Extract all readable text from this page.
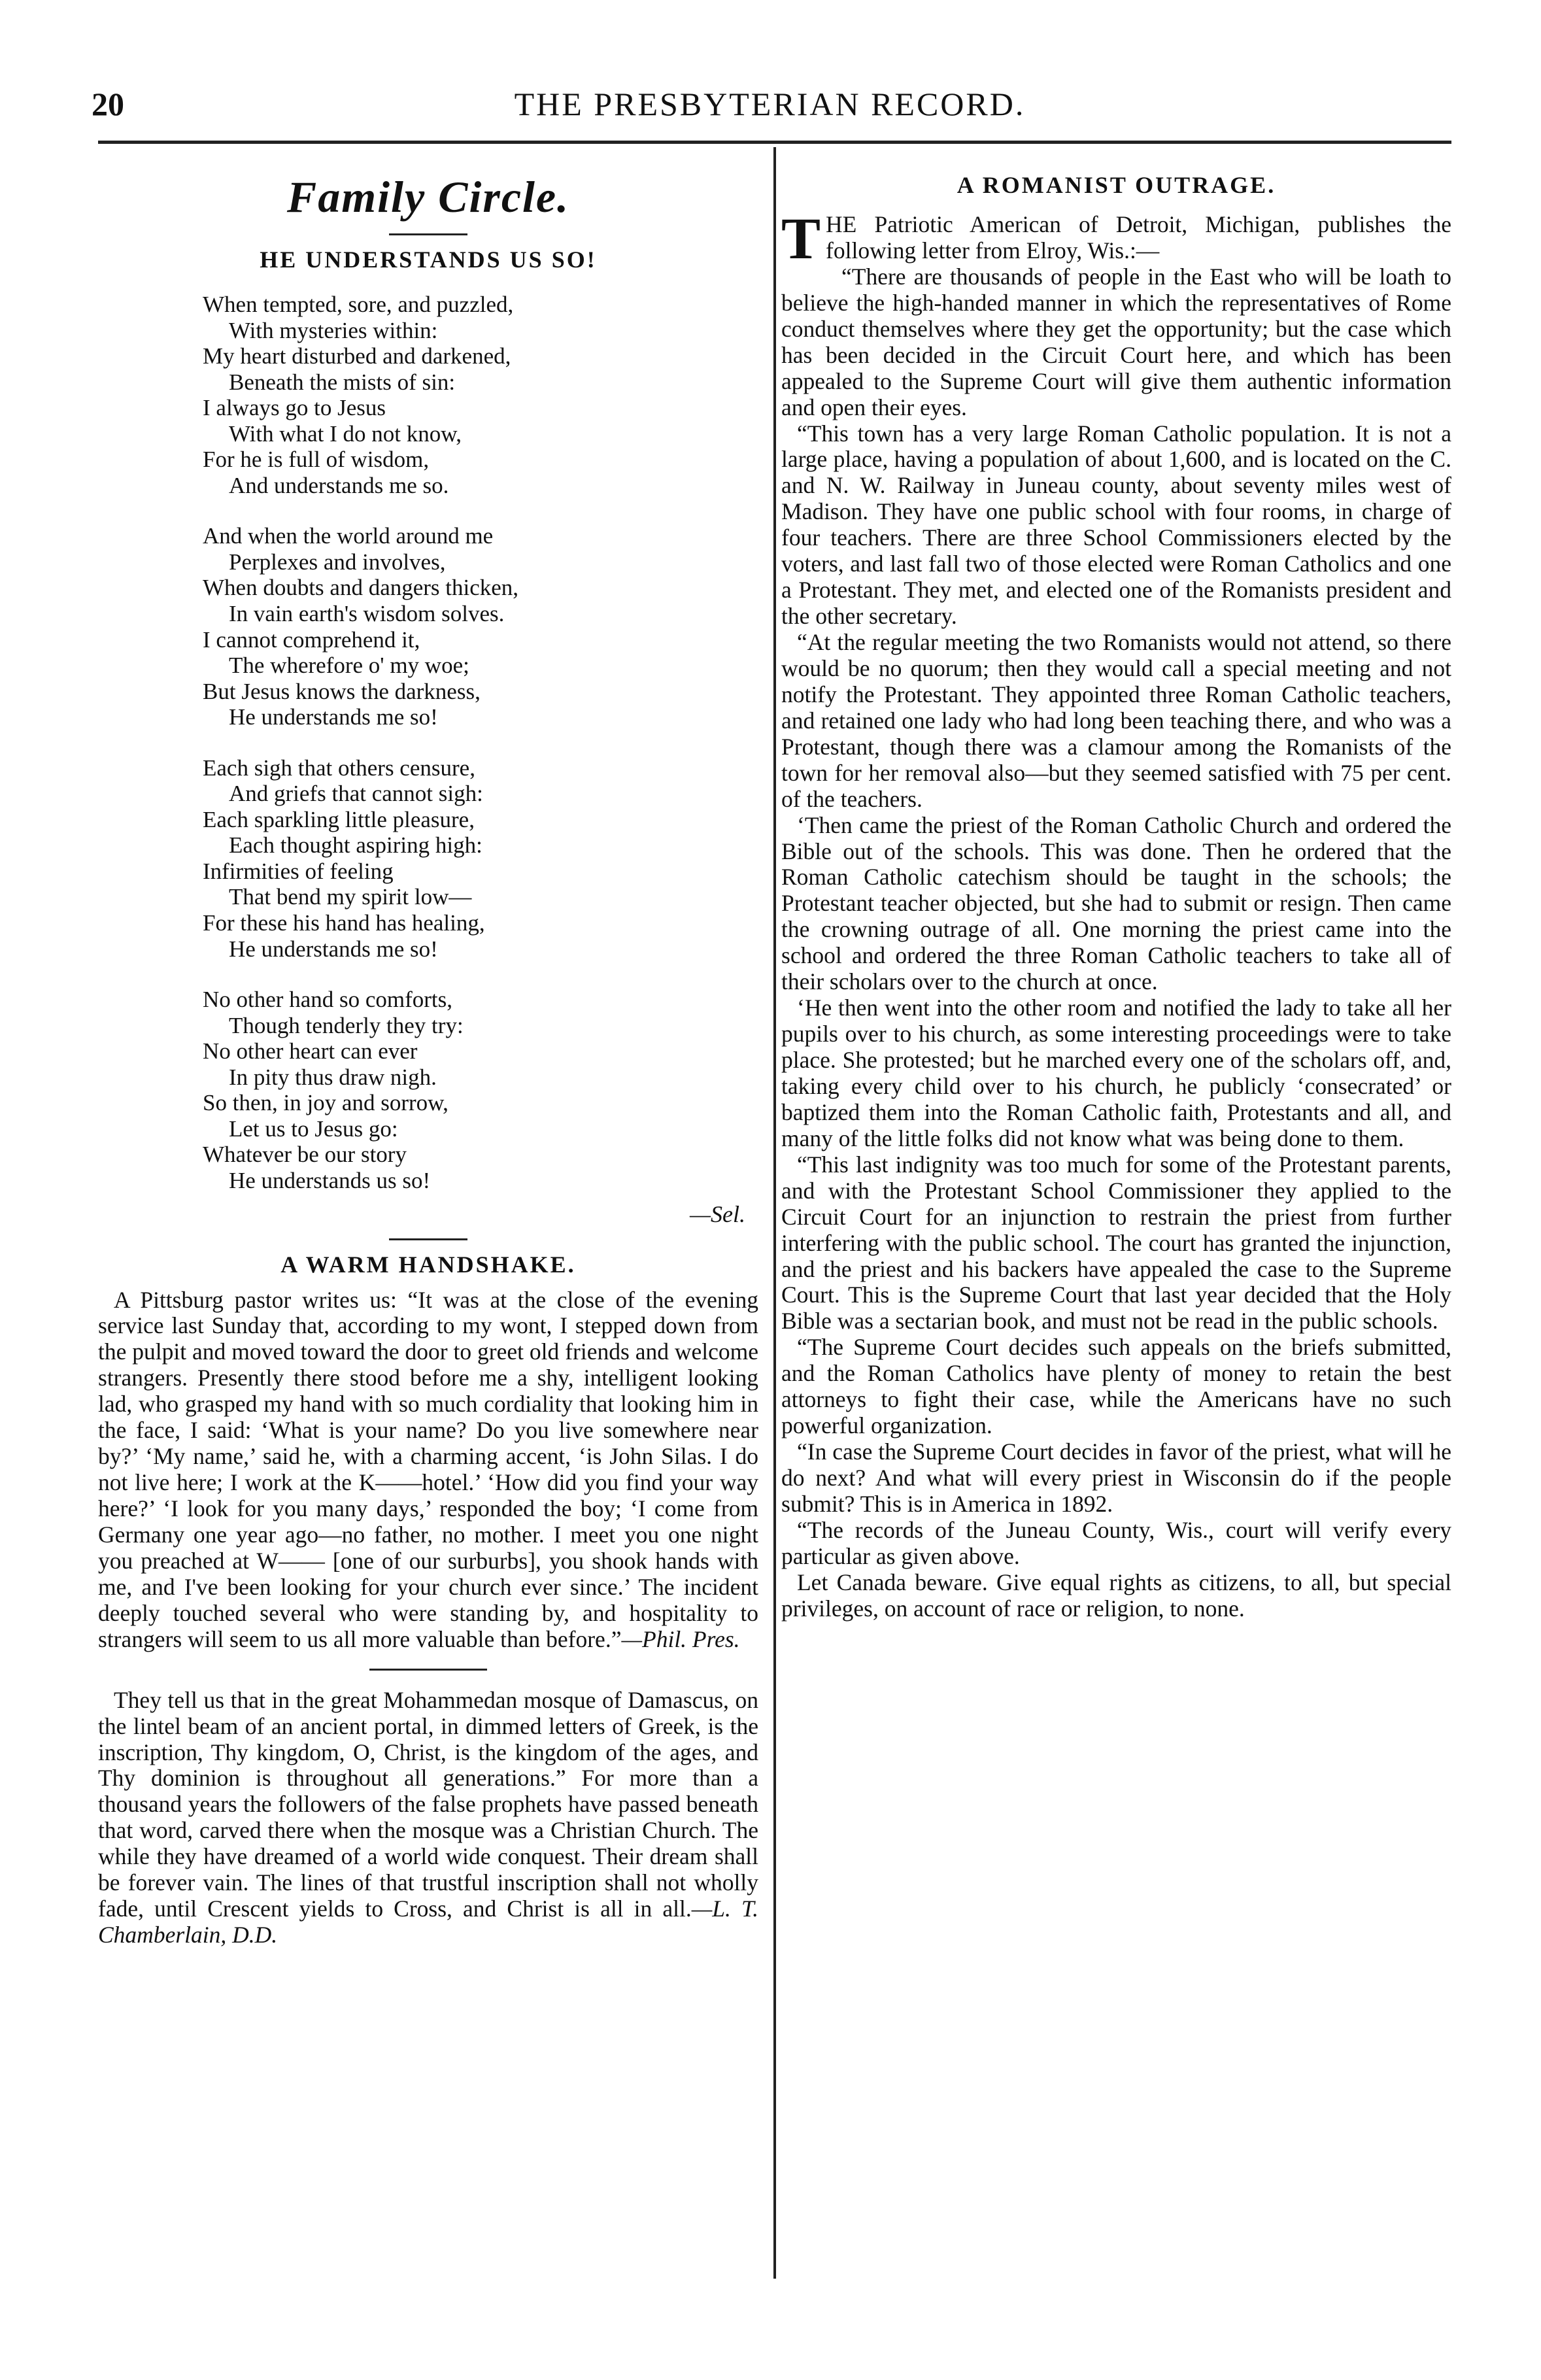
20	THE PRESBYTERIAN RECORD.
Family Circle.
HE UNDERSTANDS US SO!
When tempted, sore, and puzzled,
With mysteries within:
My heart disturbed and darkened,
Beneath the mists of sin:
I always go to Jesus
With what I do not know,
For he is full of wisdom,
And understands me so.
And when the world around me
Perplexes and involves,
When doubts and dangers thicken,
In vain earth's wisdom solves.
I cannot comprehend it,
The wherefore o' my woe;
But Jesus knows the darkness,
He understands me so!
Each sigh that others censure,
And griefs that cannot sigh:
Each sparkling little pleasure,
Each thought aspiring high:
Infirmities of feeling
That bend my spirit low—
For these his hand has healing,
He understands me so!
No other hand so comforts,
Though tenderly they try:
No other heart can ever
In pity thus draw nigh.
So then, in joy and sorrow,
Let us to Jesus go:
Whatever be our story
He understands us so!
—Sel.
A WARM HANDSHAKE.

A Pittsburg pastor writes us: “It was at the close of the evening service last Sunday that, according to my wont, I stepped down from the pulpit and moved toward the door to greet old friends and welcome strangers. Presently there stood before me a shy, intelligent looking lad, who grasped my hand with so much cordiality that looking him in the face, I said: ‘What is your name? Do you live somewhere near by?’ ‘My name,’ said he, with a charming accent, ‘is John Silas. I do not live here; I work at the K——hotel.’ ‘How did you find your way here?’ ‘I look for you many days,’ responded the boy; ‘I come from Germany one year ago—no father, no mother. I meet you one night you preached at W—— [one of our surburbs], you shook hands with me, and I've been looking for your church ever since.’ The incident deeply touched several who were standing by, and hospitality to strangers will seem to us all more valuable than before.”—Phil. Pres.

They tell us that in the great Mohammedan mosque of Damascus, on the lintel beam of an ancient portal, in dimmed letters of Greek, is the inscription, Thy kingdom, O, Christ, is the kingdom of the ages, and Thy dominion is throughout all generations.” For more than a thousand years the followers of the false prophets have passed beneath that word, carved there when the mosque was a Christian Church. The while they have dreamed of a world wide conquest. Their dream shall be forever vain. The lines of that trustful inscription shall not wholly fade, until Crescent yields to Cross, and Christ is all in all.—L. T. Chamberlain, D.D.

A ROMANIST OUTRAGE.

THE Patriotic American of Detroit, Michigan, publishes the following letter from Elroy, Wis.:—

“There are thousands of people in the East who will be loath to believe the high-handed manner in which the representatives of Rome conduct themselves where they get the opportunity; but the case which has been decided in the Circuit Court here, and which has been appealed to the Supreme Court will give them authentic information and open their eyes.

“This town has a very large Roman Catholic population. It is not a large place, having a population of about 1,600, and is located on the C. and N. W. Railway in Juneau county, about seventy miles west of Madison. They have one public school with four rooms, in charge of four teachers. There are three School Commissioners elected by the voters, and last fall two of those elected were Roman Catholics and one a Protestant. They met, and elected one of the Romanists president and the other secretary.

“At the regular meeting the two Romanists would not attend, so there would be no quorum; then they would call a special meeting and not notify the Protestant. They appointed three Roman Catholic teachers, and retained one lady who had long been teaching there, and who was a Protestant, though there was a clamour among the Romanists of the town for her removal also—but they seemed satisfied with 75 per cent. of the teachers.

‘Then came the priest of the Roman Catholic Church and ordered the Bible out of the schools. This was done. Then he ordered that the Roman Catholic catechism should be taught in the schools; the Protestant teacher objected, but she had to submit or resign. Then came the crowning outrage of all. One morning the priest came into the school and ordered the three Roman Catholic teachers to take all of their scholars over to the church at once.

‘He then went into the other room and notified the lady to take all her pupils over to his church, as some interesting proceedings were to take place. She protested; but he marched every one of the scholars off, and, taking every child over to his church, he publicly ‘consecrated’ or baptized them into the Roman Catholic faith, Protestants and all, and many of the little folks did not know what was being done to them.

“This last indignity was too much for some of the Protestant parents, and with the Protestant School Commissioner they applied to the Circuit Court for an injunction to restrain the priest from further interfering with the public school. The court has granted the injunction, and the priest and his backers have appealed the case to the Supreme Court. This is the Supreme Court that last year decided that the Holy Bible was a sectarian book, and must not be read in the public schools.

“The Supreme Court decides such appeals on the briefs submitted, and the Roman Catholics have plenty of money to retain the best attorneys to fight their case, while the Americans have no such powerful organization.

“In case the Supreme Court decides in favor of the priest, what will he do next? And what will every priest in Wisconsin do if the people submit? This is in America in 1892.

“The records of the Juneau County, Wis., court will verify every particular as given above.

Let Canada beware. Give equal rights as citizens, to all, but special privileges, on account of race or religion, to none.
